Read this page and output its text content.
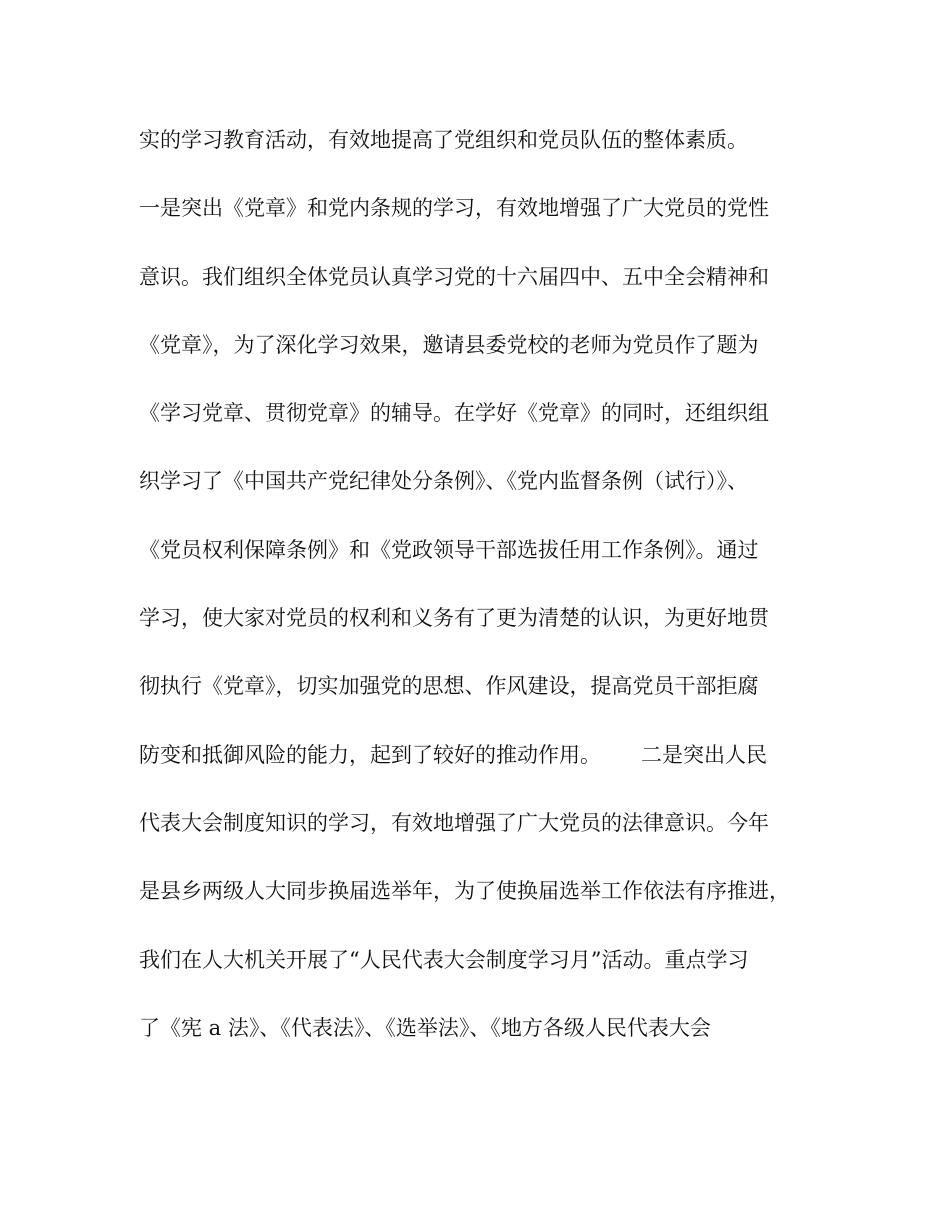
实的学习教育活动，有效地提高了党组织和党员队伍的整体素质。
一是突出《党章》和党内条规的学习，有效地增强了广大党员的党性
意识。我们组织全体党员认真学习党的十六届四中、五中全会精神和
《党章》，为了深化学习效果，邀请县委党校的老师为党员作了题为
《学习党章、贯彻党章》的辅导。在学好《党章》的同时，还组织组
织学习了《中国共产党纪律处分条例》、《党内监督条例（试行）》、
《党员权利保障条例》和《党政领导干部选拔任用工作条例》。通过
学习，使大家对党员的权利和义务有了更为清楚的认识，为更好地贯
彻执行《党章》，切实加强党的思想、作风建设，提高党员干部拒腐
防变和抵御风险的能力，起到了较好的推动作用。      二是突出人民
代表大会制度知识的学习，有效地增强了广大党员的法律意识。今年
是县乡两级人大同步换届选举年，为了使换届选举工作依法有序推进，
我们在人大机关开展了“人民代表大会制度学习月”活动。重点学习
了《宪 a 法》、《代表法》、《选举法》、《地方各级人民代表大会
